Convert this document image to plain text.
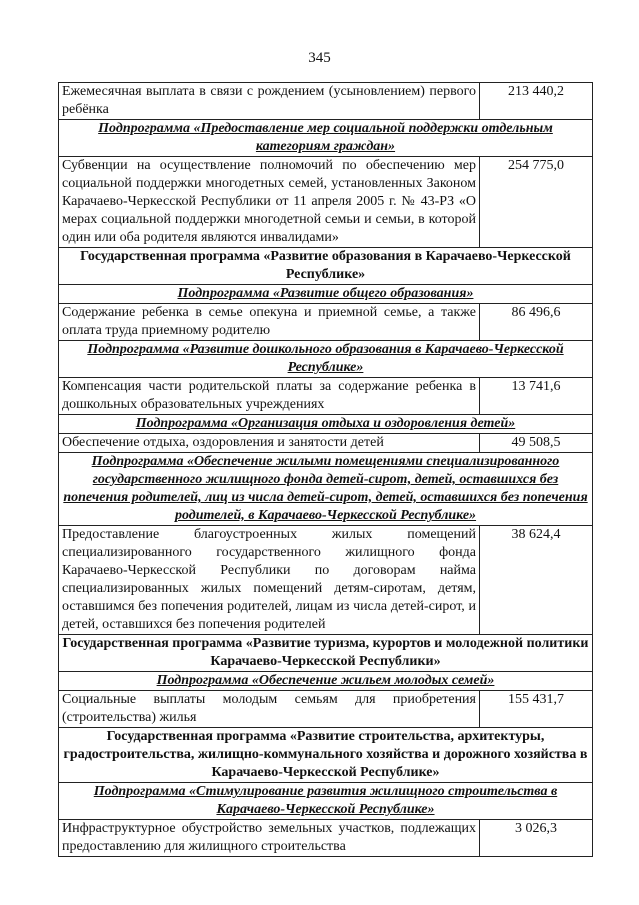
345
Ежемесячная выплата в связи с рождением (усыновлением) первого ребёнка	213 440,2
Подпрограмма «Предоставление мер социальной поддержки отдельным категориям граждан»	
Субвенции на осуществление полномочий по обеспечению мер социальной поддержки многодетных семей, установленных Законом Карачаево-Черкесской Республики от 11 апреля 2005 г. № 43-РЗ «О мерах социальной поддержки многодетной семьи и семьи, в которой один или оба родителя являются инвалидами»	254 775,0
Государственная программа «Развитие образования в Карачаево-Черкесской Республике»	
Подпрограмма «Развитие общего образования»	
Содержание ребенка в семье опекуна и приемной семье, а также оплата труда приемному родителю	86 496,6
Подпрограмма «Развитие дошкольного образования в Карачаево-Черкесской Республике»	
Компенсация части родительской платы за содержание ребенка в дошкольных образовательных учреждениях	13 741,6
Подпрограмма «Организация отдыха и оздоровления детей»	
Обеспечение отдыха, оздоровления и занятости детей	49 508,5
Подпрограмма «Обеспечение жилыми помещениями специализированного государственного жилищного фонда детей-сирот, детей, оставшихся без попечения родителей, лиц из числа детей-сирот, детей, оставшихся без попечения родителей, в Карачаево-Черкесской Республике»	
Предоставление благоустроенных жилых помещений специализированного государственного жилищного фонда Карачаево-Черкесской Республики по договорам найма специализированных жилых помещений детям-сиротам, детям, оставшимся без попечения родителей, лицам из числа детей-сирот, и детей, оставшихся без попечения родителей	38 624,4
Государственная программа «Развитие туризма, курортов и молодежной политики Карачаево-Черкесской Республики»	
Подпрограмма «Обеспечение жильем молодых семей»	
Социальные выплаты молодым семьям для приобретения (строительства) жилья	155 431,7
Государственная программа «Развитие строительства, архитектуры, градостроительства, жилищно-коммунального хозяйства и дорожного хозяйства в Карачаево-Черкесской Республике»	
Подпрограмма «Стимулирование развития жилищного строительства в Карачаево-Черкесской Республике»	
Инфраструктурное обустройство земельных участков, подлежащих предоставлению для жилищного строительства	3 026,3
